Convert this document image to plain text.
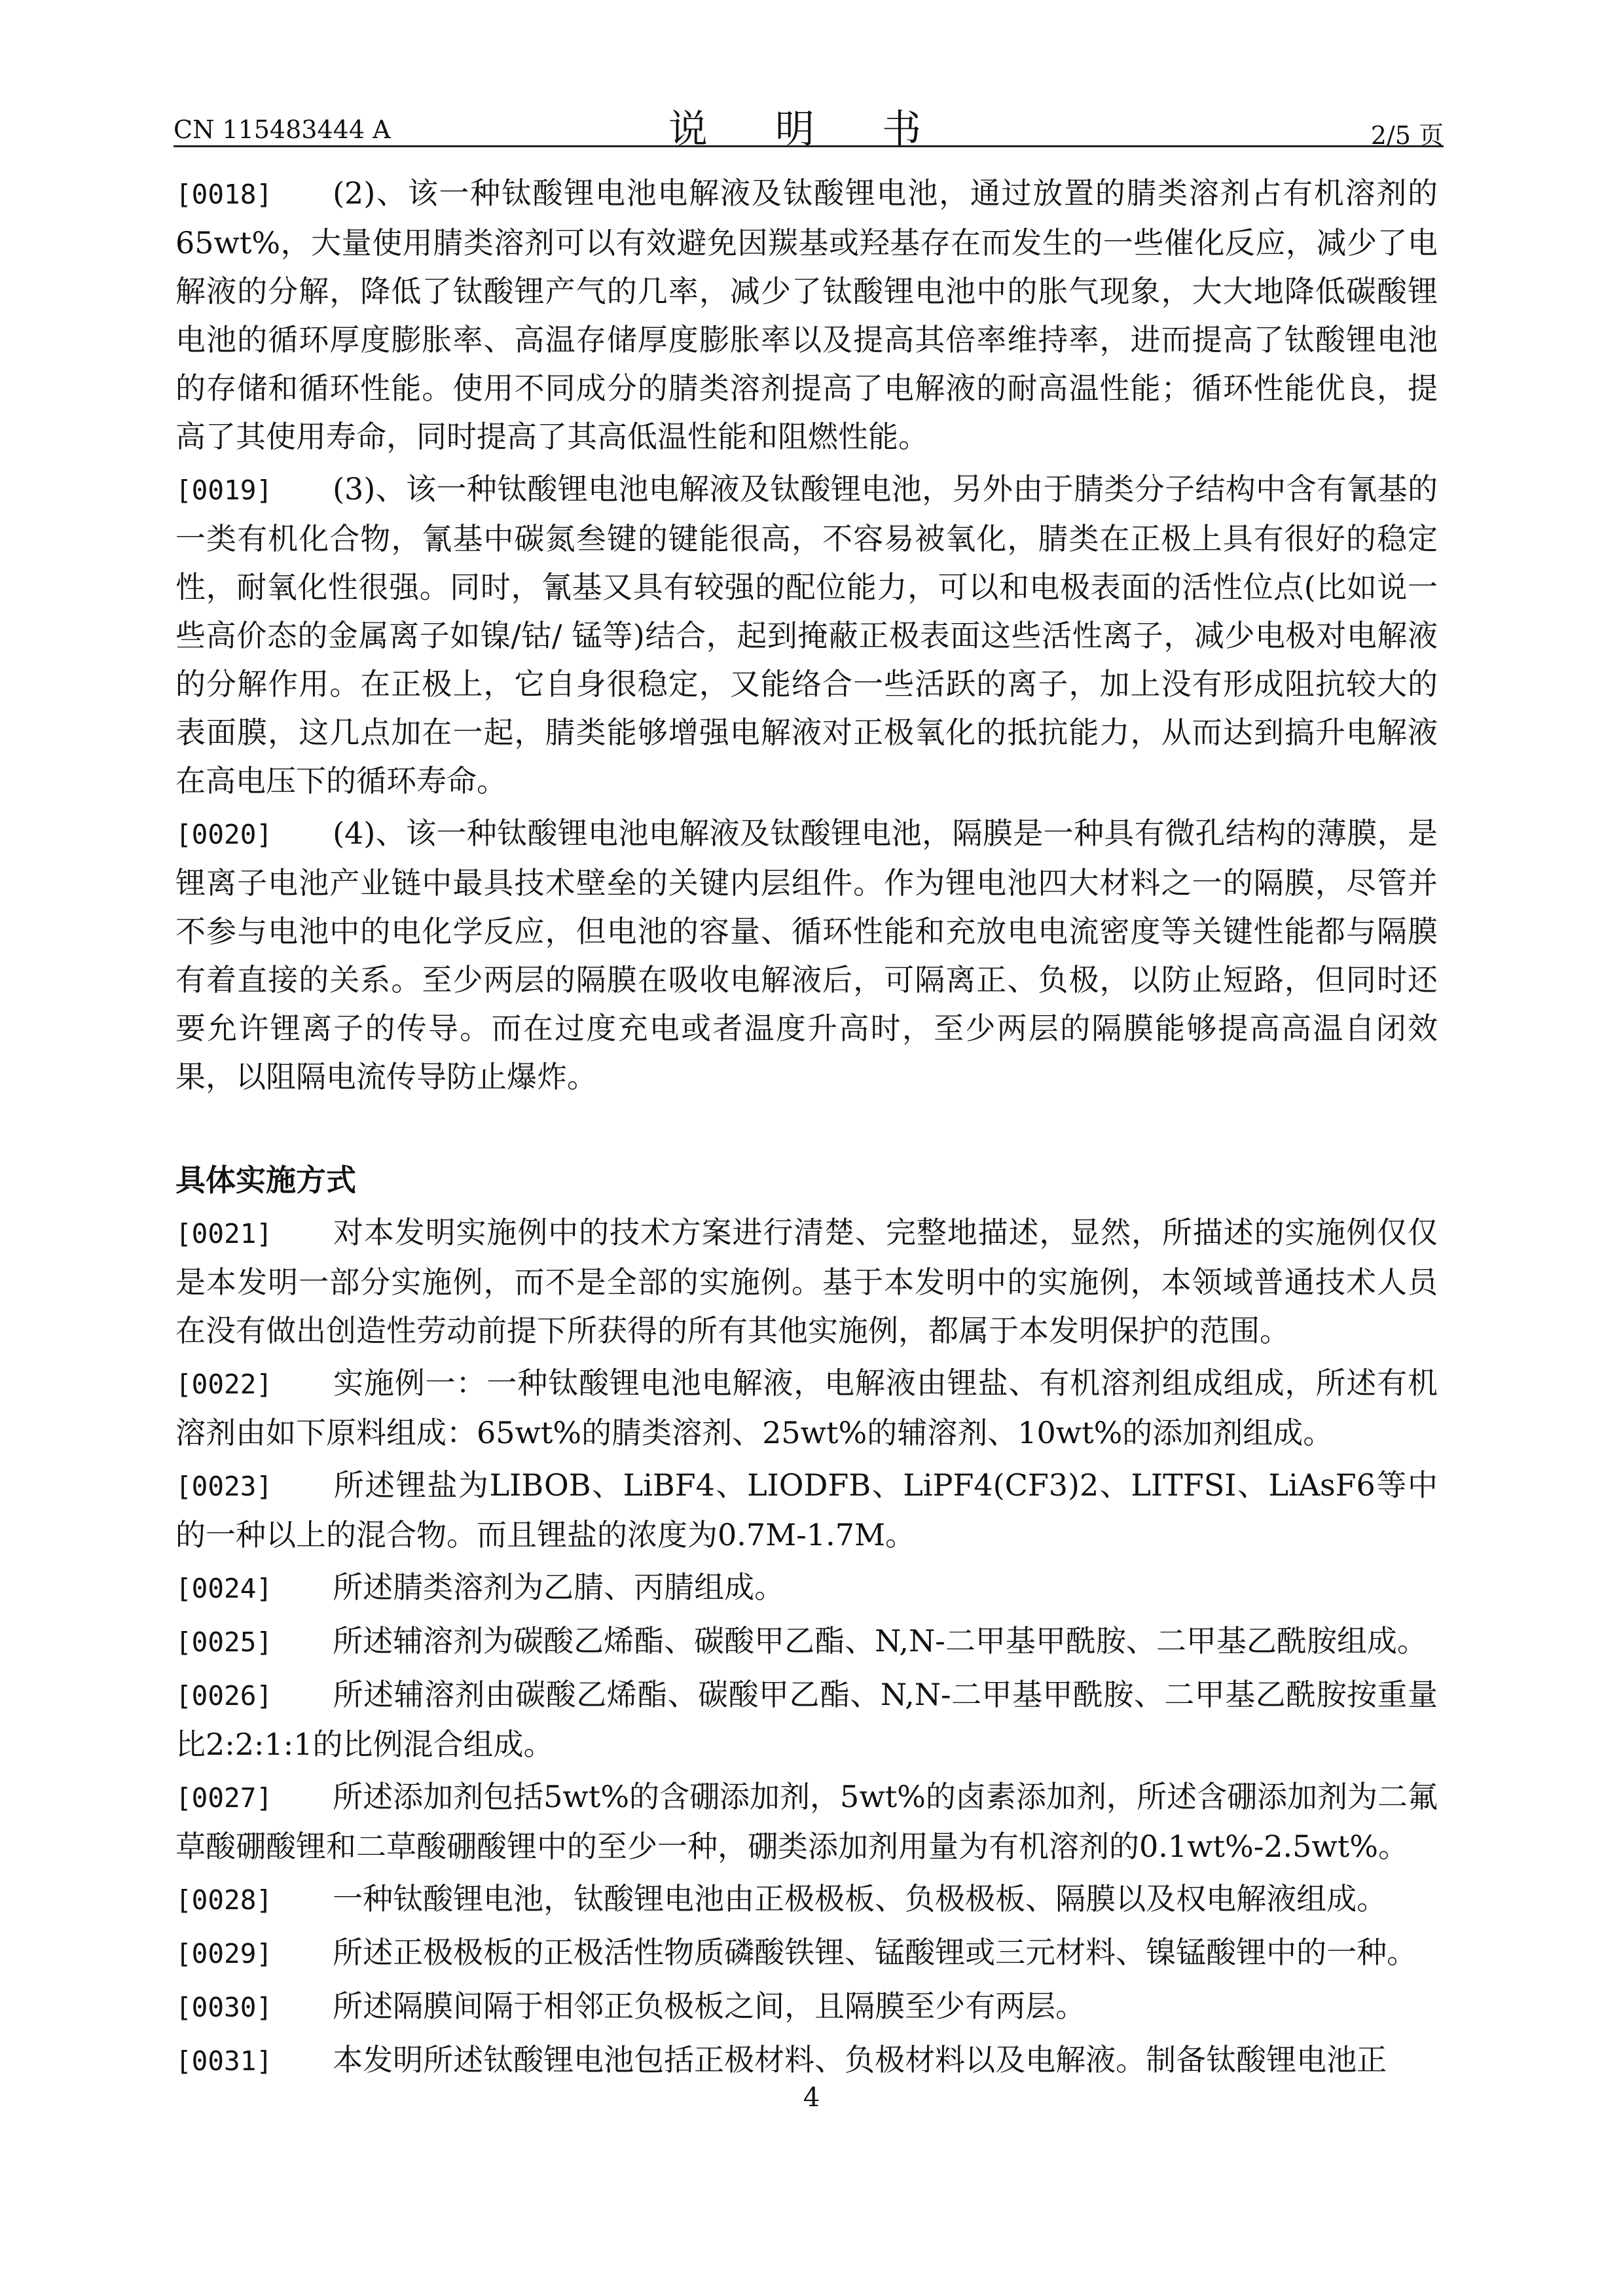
CN 115483444 A	说 明 书	2/5 页

[0018] (2)、该一种钛酸锂电池电解液及钛酸锂电池，通过放置的腈类溶剂占有机溶剂的65wt%，大量使用腈类溶剂可以有效避免因羰基或羟基存在而发生的一些催化反应，减少了电解液的分解，降低了钛酸锂产气的几率，减少了钛酸锂电池中的胀气现象，大大地降低碳酸锂电池的循环厚度膨胀率、高温存储厚度膨胀率以及提高其倍率维持率，进而提高了钛酸锂电池的存储和循环性能。使用不同成分的腈类溶剂提高了电解液的耐高温性能；循环性能优良，提高了其使用寿命，同时提高了其高低温性能和阻燃性能。

[0019] (3)、该一种钛酸锂电池电解液及钛酸锂电池，另外由于腈类分子结构中含有氰基的一类有机化合物，氰基中碳氮叁键的键能很高，不容易被氧化，腈类在正极上具有很好的稳定性，耐氧化性很强。同时，氰基又具有较强的配位能力，可以和电极表面的活性位点(比如说一些高价态的金属离子如镍/钴/ 锰等)结合，起到掩蔽正极表面这些活性离子，减少电极对电解液的分解作用。在正极上，它自身很稳定，又能络合一些活跃的离子，加上没有形成阻抗较大的表面膜，这几点加在一起，腈类能够增强电解液对正极氧化的抵抗能力，从而达到搞升电解液在高电压下的循环寿命。

[0020] (4)、该一种钛酸锂电池电解液及钛酸锂电池，隔膜是一种具有微孔结构的薄膜，是锂离子电池产业链中最具技术壁垒的关键内层组件。作为锂电池四大材料之一的隔膜，尽管并不参与电池中的电化学反应，但电池的容量、循环性能和充放电电流密度等关键性能都与隔膜有着直接的关系。至少两层的隔膜在吸收电解液后，可隔离正、负极，以防止短路，但同时还要允许锂离子的传导。而在过度充电或者温度升高时，至少两层的隔膜能够提高高温自闭效果，以阻隔电流传导防止爆炸。

具体实施方式

[0021] 对本发明实施例中的技术方案进行清楚、完整地描述，显然，所描述的实施例仅仅是本发明一部分实施例，而不是全部的实施例。基于本发明中的实施例，本领域普通技术人员在没有做出创造性劳动前提下所获得的所有其他实施例，都属于本发明保护的范围。

[0022] 实施例一：一种钛酸锂电池电解液，电解液由锂盐、有机溶剂组成组成，所述有机溶剂由如下原料组成：65wt%的腈类溶剂、25wt%的辅溶剂、10wt%的添加剂组成。

[0023] 所述锂盐为LIBOB、LiBF4、LIODFB、LiPF4(CF3)2、LITFSI、LiAsF6等中的一种以上的混合物。而且锂盐的浓度为0.7M-1.7M。

[0024] 所述腈类溶剂为乙腈、丙腈组成。

[0025] 所述辅溶剂为碳酸乙烯酯、碳酸甲乙酯、N,N-二甲基甲酰胺、二甲基乙酰胺组成。

[0026] 所述辅溶剂由碳酸乙烯酯、碳酸甲乙酯、N,N-二甲基甲酰胺、二甲基乙酰胺按重量比2:2:1:1的比例混合组成。

[0027] 所述添加剂包括5wt%的含硼添加剂，5wt%的卤素添加剂，所述含硼添加剂为二氟草酸硼酸锂和二草酸硼酸锂中的至少一种，硼类添加剂用量为有机溶剂的0.1wt%-2.5wt%。

[0028] 一种钛酸锂电池，钛酸锂电池由正极极板、负极极板、隔膜以及权电解液组成。

[0029] 所述正极极板的正极活性物质磷酸铁锂、锰酸锂或三元材料、镍锰酸锂中的一种。

[0030] 所述隔膜间隔于相邻正负极板之间，且隔膜至少有两层。

[0031] 本发明所述钛酸锂电池包括正极材料、负极材料以及电解液。制备钛酸锂电池正

4
